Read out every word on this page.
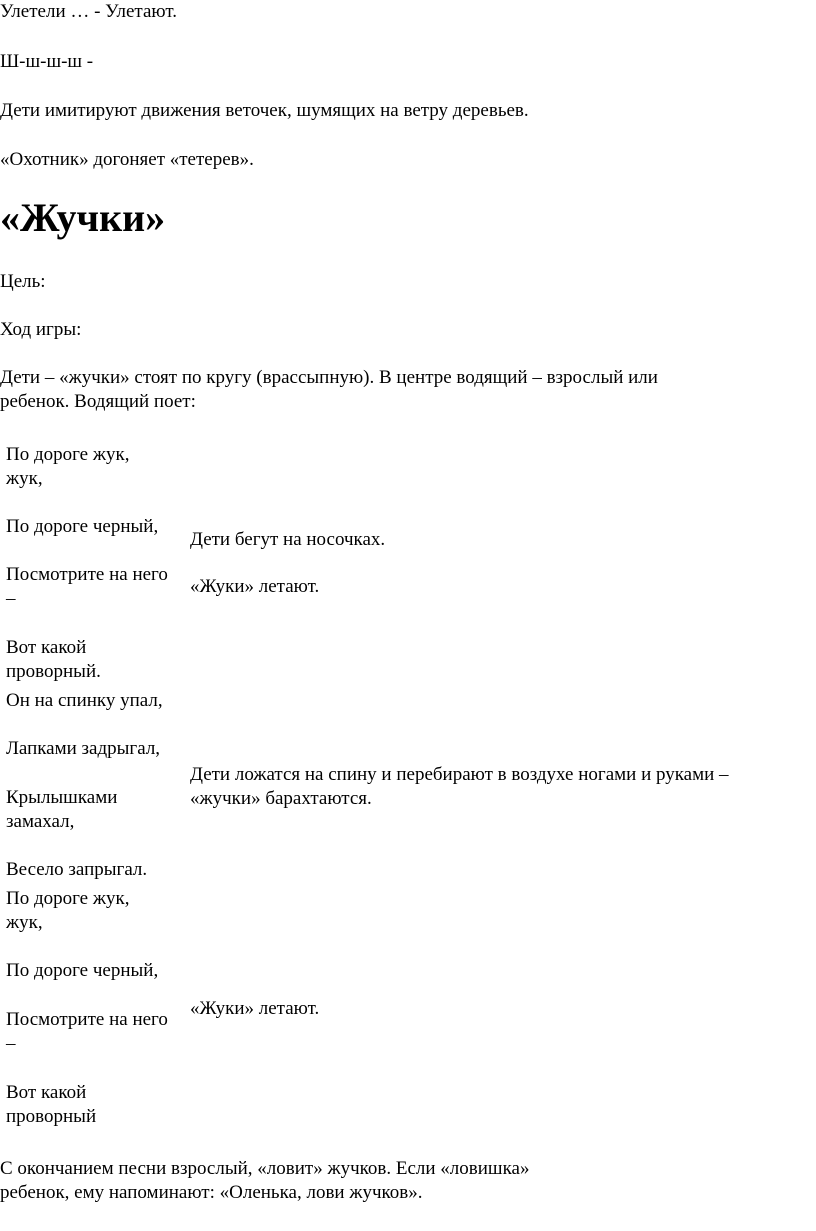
Улетели … - Улетают.

Ш-ш-ш-ш -

Дети имитируют движения веточек, шумящих на ветру деревьев.

«Охотник» догоняет «тетерев».

«Жучки»

Цель:

Ход игры:

Дети – «жучки» стоят по кругу (врассыпную). В центре водящий – взрослый или

ребенок. Водящий поет:

По дороге жук,
жук,
По дороге черный,
Посмотрите на него
–
Вот какой
проворный.
Он на спинку упал,
Лапками задрыгал,
Крылышками
замахал,
Весело запрыгал.
По дороге жук,
жук,
По дороге черный,
Посмотрите на него
–
Вот какой
проворный
Дети бегут на носочках.
«Жуки» летают.
Дети ложатся на спину и перебирают в воздухе ногами и руками –
«жучки» барахтаются.
«Жуки» летают.

С окончанием песни взрослый, «ловит» жучков. Если «ловишка»

ребенок, ему напоминают: «Оленька, лови жучков».
